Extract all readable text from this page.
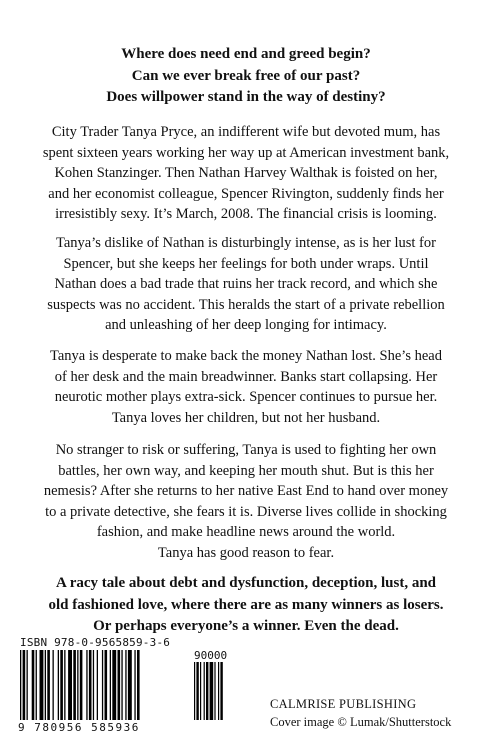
Where does need end and greed begin?
Can we ever break free of our past?
Does willpower stand in the way of destiny?
City Trader Tanya Pryce, an indifferent wife but devoted mum, has
spent sixteen years working her way up at American investment bank,
Kohen Stanzinger. Then Nathan Harvey Walthak is foisted on her,
and her economist colleague, Spencer Rivington, suddenly finds her
irresistibly sexy. It’s March, 2008. The financial crisis is looming.
Tanya’s dislike of Nathan is disturbingly intense, as is her lust for
Spencer, but she keeps her feelings for both under wraps. Until
Nathan does a bad trade that ruins her track record, and which she
suspects was no accident. This heralds the start of a private rebellion
and unleashing of her deep longing for intimacy.
Tanya is desperate to make back the money Nathan lost. She’s head
of her desk and the main breadwinner. Banks start collapsing. Her
neurotic mother plays extra-sick. Spencer continues to pursue her.
Tanya loves her children, but not her husband.
No stranger to risk or suffering, Tanya is used to fighting her own
battles, her own way, and keeping her mouth shut. But is this her
nemesis? After she returns to her native East End to hand over money
to a private detective, she fears it is. Diverse lives collide in shocking
fashion, and make headline news around the world.
Tanya has good reason to fear.
A racy tale about debt and dysfunction, deception, lust, and
old fashioned love, where there are as many winners as losers.
Or perhaps everyone’s a winner. Even the dead.
ISBN 978-0-9565859-3-6
90000
9 780956 585936
CALMRISE PUBLISHING
Cover image © Lumak/Shutterstock
